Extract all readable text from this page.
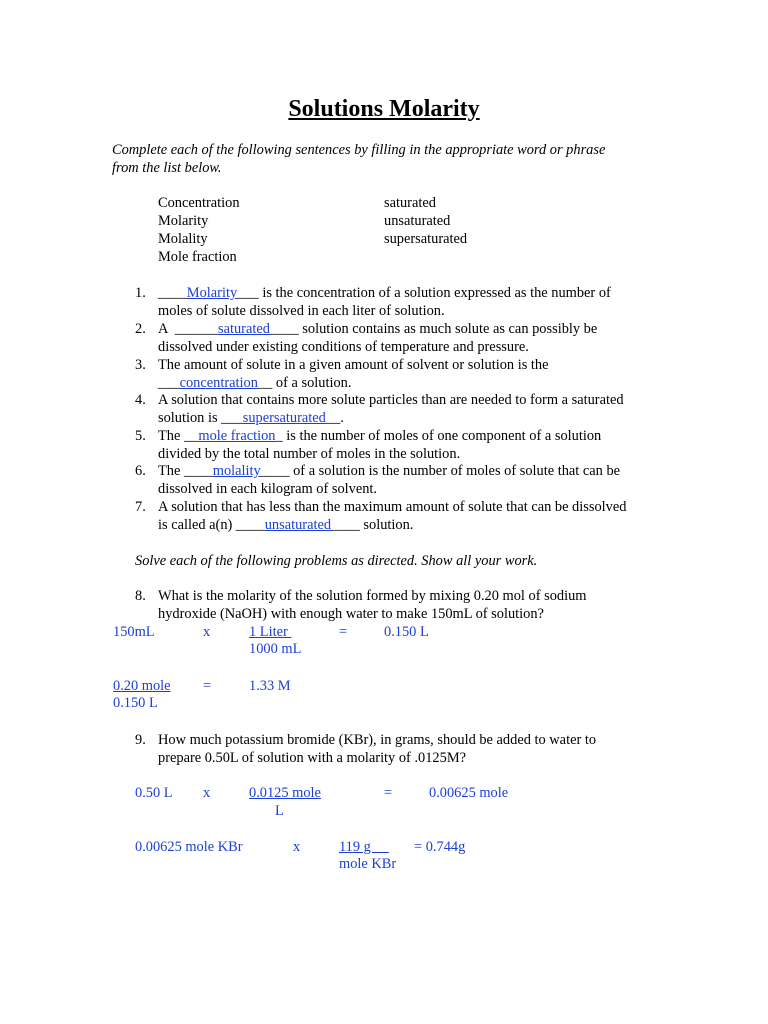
Solutions Molarity
Complete each of the following sentences by filling in the appropriate word or phrase
from the list below.
Concentration
Molarity
Molality
Mole fraction
saturated
unsaturated
supersaturated
1. ____Molarity___ is the concentration of a solution expressed as the number of
moles of solute dissolved in each liter of solution.
2. A  ______saturated____ solution contains as much solute as can possibly be
dissolved under existing conditions of temperature and pressure.
3. The amount of solute in a given amount of solvent or solution is the
___concentration__ of a solution.
4. A solution that contains more solute particles than are needed to form a saturated
solution is ___supersaturated__.
5. The __mole fraction_ is the number of moles of one component of a solution
divided by the total number of moles in the solution.
6. The ____molality____ of a solution is the number of moles of solute that can be
dissolved in each kilogram of solvent.
7. A solution that has less than the maximum amount of solute that can be dissolved
is called a(n) ____unsaturated____ solution.
Solve each of the following problems as directed. Show all your work.
8. What is the molarity of the solution formed by mixing 0.20 mol of sodium
hydroxide (NaOH) with enough water to make 150mL of solution?
150mL	x	1 Liter
1000 mL
=	0.150 L
0.20 mole
0.150 L
=	1.33 M
9. How much potassium bromide (KBr), in grams, should be added to water to
prepare 0.50L of solution with a molarity of .0125M?
0.50 L x	0.0125 mole
L
=	0.00625 mole
0.00625 mole KBr	x	119 g
mole KBr
= 0.744g
